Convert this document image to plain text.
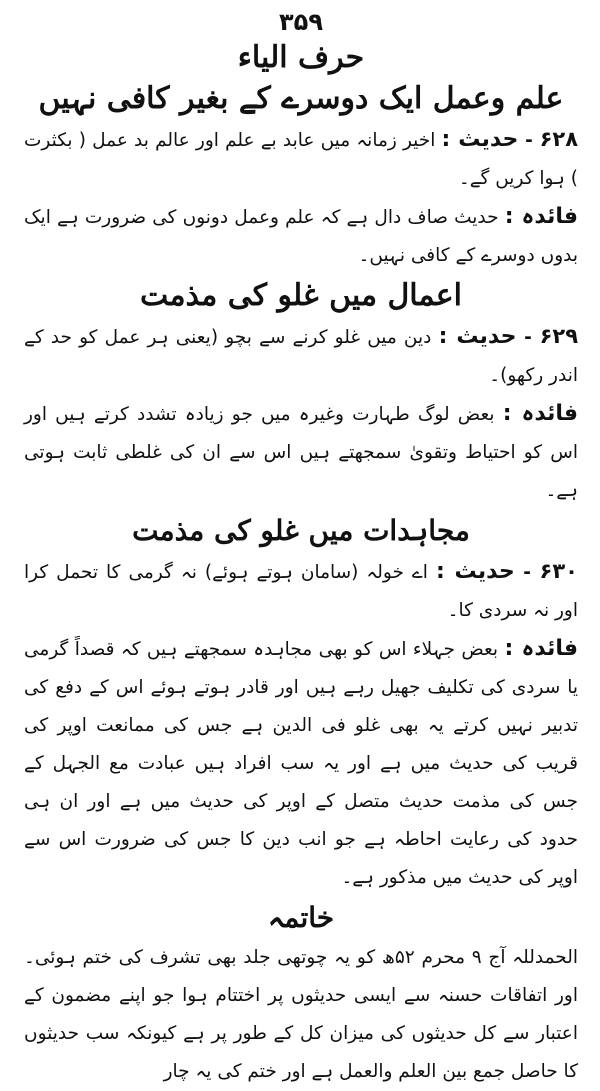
۳۵۹
حرف الیاء
علم وعمل ایک دوسرے کے بغیر کافی نہیں

۶۲۸ - حدیث : اخیر زمانہ میں عابد بے علم اور عالم بد عمل ( بکثرت ) ہوا کریں گے۔

فائدہ : حدیث صاف دال ہے کہ علم وعمل دونوں کی ضرورت ہے ایک بدوں دوسرے کے کافی نہیں۔

اعمال میں غلو کی مذمت

۶۲۹ - حدیث : دین میں غلو کرنے سے بچو (یعنی ہر عمل کو حد کے اندر رکھو)۔

فائدہ : بعض لوگ طہارت وغیرہ میں جو زیادہ تشدد کرتے ہیں اور اس کو احتیاط وتقویٰ سمجھتے ہیں اس سے ان کی غلطی ثابت ہوتی ہے۔

مجاہدات میں غلو کی مذمت

۶۳۰ - حدیث : اے خولہ (سامان ہوتے ہوئے) نہ گرمی کا تحمل کرا اور نہ سردی کا۔

فائدہ : بعض جہلاء اس کو بھی مجاہدہ سمجھتے ہیں کہ قصداً گرمی یا سردی کی تکلیف جھیل رہے ہیں اور قادر ہوتے ہوئے اس کے دفع کی تدبیر نہیں کرتے یہ بھی غلو فی الدین ہے جس کی ممانعت اوپر کی قریب کی حدیث میں ہے اور یہ سب افراد ہیں عبادت مع الجہل کے جس کی مذمت حدیث متصل کے اوپر کی حدیث میں ہے اور ان ہی حدود کی رعایت احاطہ ہے جو انب دین کا جس کی ضرورت اس سے اوپر کی حدیث میں مذکور ہے۔

خاتمہ

الحمدللہ آج ۹ محرم ۵۲ھ کو یہ چوتھی جلد بھی تشرف کی ختم ہوئی۔ اور اتفاقات حسنہ سے ایسی حدیثوں پر اختتام ہوا جو اپنے مضمون کے اعتبار سے کل حدیثوں کی میزان کل کے طور پر ہے کیونکہ سب حدیثوں کا حاصل جمع بین العلم والعمل ہے اور ختم کی یہ چار
